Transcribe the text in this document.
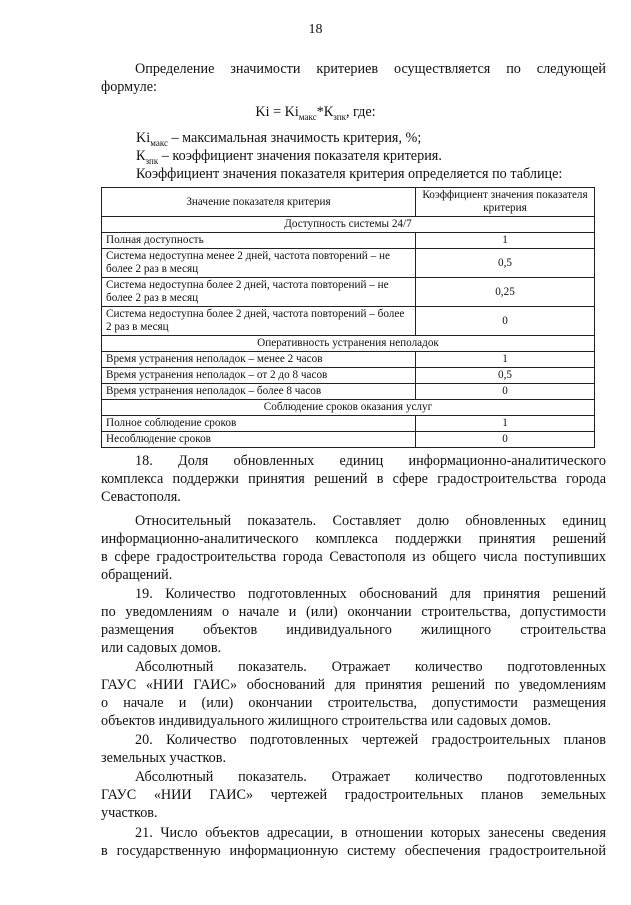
18

Определение значимости критериев осуществляется по следующей

формуле:

$Ki = Ki_{макс}*К_{зпк}$, где:
$Ki_{макс}$ – максимальная значимость критерия, %;
$К_{зпк}$ – коэффициент значения показателя критерия.
Коэффициент значения показателя критерия определяется по таблице:
Значение показателя критерия	Коэффициент значения показателя критерия
Доступность системы 24/7	
Полная доступность	1
Система недоступна менее 2 дней, частота повторений – не более 2 раз в месяц	0,5
Система недоступна более 2 дней, частота повторений – не более 2 раз в месяц	0,25
Система недоступна более 2 дней, частота повторений – более 2 раз в месяц	0
Оперативность устранения неполадок	
Время устранения неполадок – менее 2 часов	1
Время устранения неполадок – от 2 до 8 часов	0,5
Время устранения неполадок – более 8 часов	0
Соблюдение сроков оказания услуг	
Полное соблюдение сроков	1
Несоблюдение сроков	0

18. Доля обновленных единиц информационно-аналитического

комплекса поддержки принятия решений в сфере градостроительства города

Севастополя.

Относительный показатель. Составляет долю обновленных единиц

информационно-аналитического комплекса поддержки принятия решений

в сфере градостроительства города Севастополя из общего числа поступивших

обращений.

19. Количество подготовленных обоснований для принятия решений

по уведомлениям о начале и (или) окончании строительства, допустимости

размещения объектов индивидуального жилищного строительства

или садовых домов.

Абсолютный показатель. Отражает количество подготовленных

ГАУС «НИИ ГАИС» обоснований для принятия решений по уведомлениям

о начале и (или) окончании строительства, допустимости размещения

объектов индивидуального жилищного строительства или садовых домов.

20. Количество подготовленных чертежей градостроительных планов

земельных участков.

Абсолютный показатель. Отражает количество подготовленных

ГАУС «НИИ ГАИС» чертежей градостроительных планов земельных

участков.

21. Число объектов адресации, в отношении которых занесены сведения

в государственную информационную систему обеспечения градостроительной
